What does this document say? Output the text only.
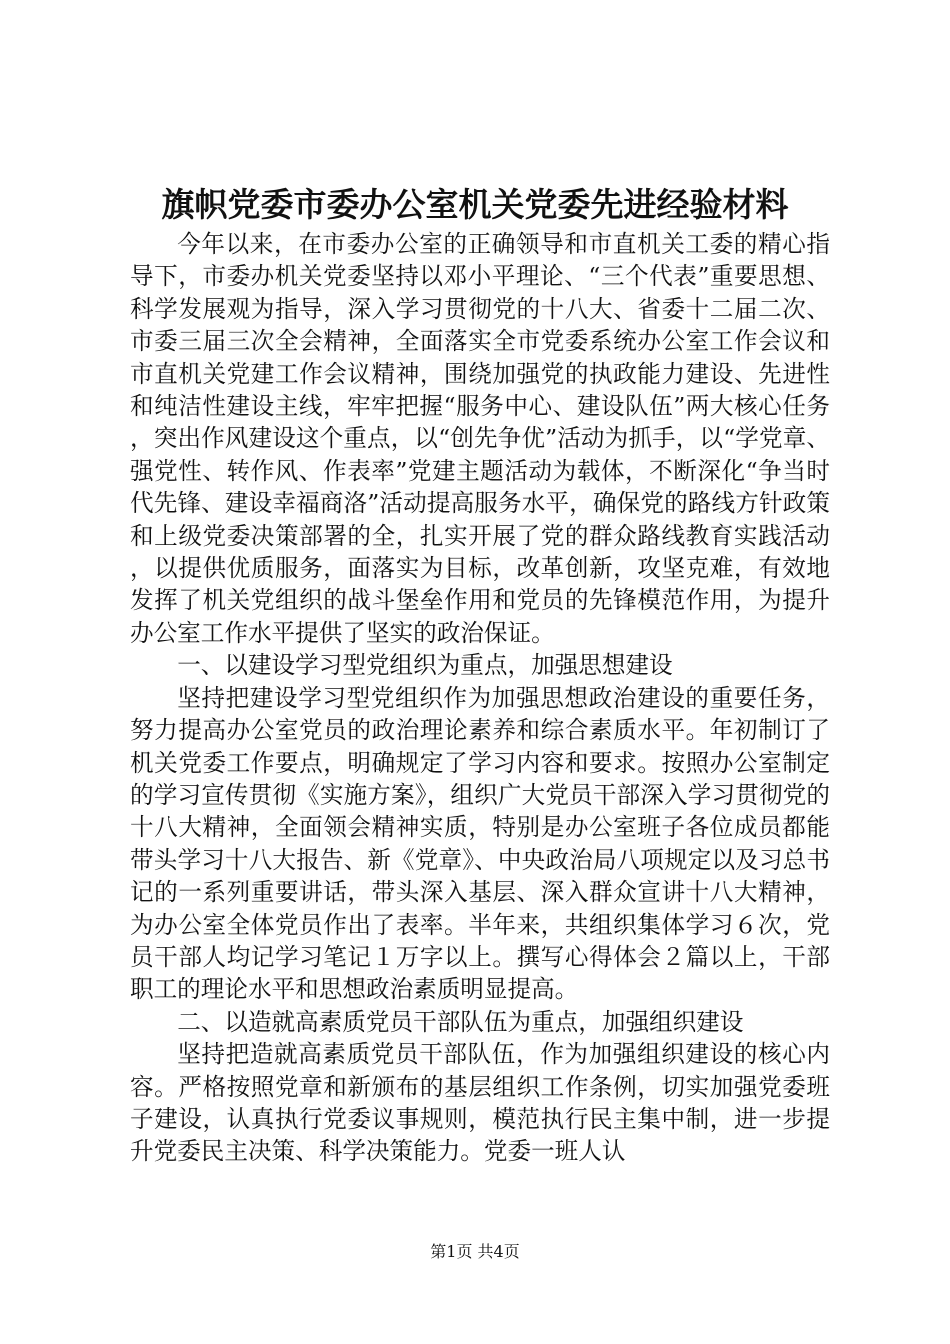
旗帜党委市委办公室机关党委先进经验材料

今年以来，在市委办公室的正确领导和市直机关工委的精心指导下，市委办机关党委坚持以邓小平理论、“三个代表”重要思想、科学发展观为指导，深入学习贯彻党的十八大、省委十二届二次、市委三届三次全会精神，全面落实全市党委系统办公室工作会议和市直机关党建工作会议精神，围绕加强党的执政能力建设、先进性和纯洁性建设主线，牢牢把握“服务中心、建设队伍”两大核心任务，突出作风建设这个重点，以“创先争优”活动为抓手，以“学党章、强党性、转作风、作表率”党建主题活动为载体，不断深化“争当时代先锋、建设幸福商洛”活动提高服务水平，确保党的路线方针政策和上级党委决策部署的全，扎实开展了党的群众路线教育实践活动，以提供优质服务，面落实为目标，改革创新，攻坚克难，有效地发挥了机关党组织的战斗堡垒作用和党员的先锋模范作用，为提升办公室工作水平提供了坚实的政治保证。

一、以建设学习型党组织为重点，加强思想建设

坚持把建设学习型党组织作为加强思想政治建设的重要任务，努力提高办公室党员的政治理论素养和综合素质水平。年初制订了机关党委工作要点，明确规定了学习内容和要求。按照办公室制定的学习宣传贯彻《实施方案》，组织广大党员干部深入学习贯彻党的十八大精神，全面领会精神实质，特别是办公室班子各位成员都能带头学习十八大报告、新《党章》、中央政治局八项规定以及习总书记的一系列重要讲话，带头深入基层、深入群众宣讲十八大精神，为办公室全体党员作出了表率。半年来，共组织集体学习６次，党员干部人均记学习笔记１万字以上。撰写心得体会２篇以上，干部职工的理论水平和思想政治素质明显提高。

二、以造就高素质党员干部队伍为重点，加强组织建设

坚持把造就高素质党员干部队伍，作为加强组织建设的核心内容。严格按照党章和新颁布的基层组织工作条例，切实加强党委班子建设，认真执行党委议事规则，模范执行民主集中制，进一步提升党委民主决策、科学决策能力。党委一班人认

第1页 共4页
